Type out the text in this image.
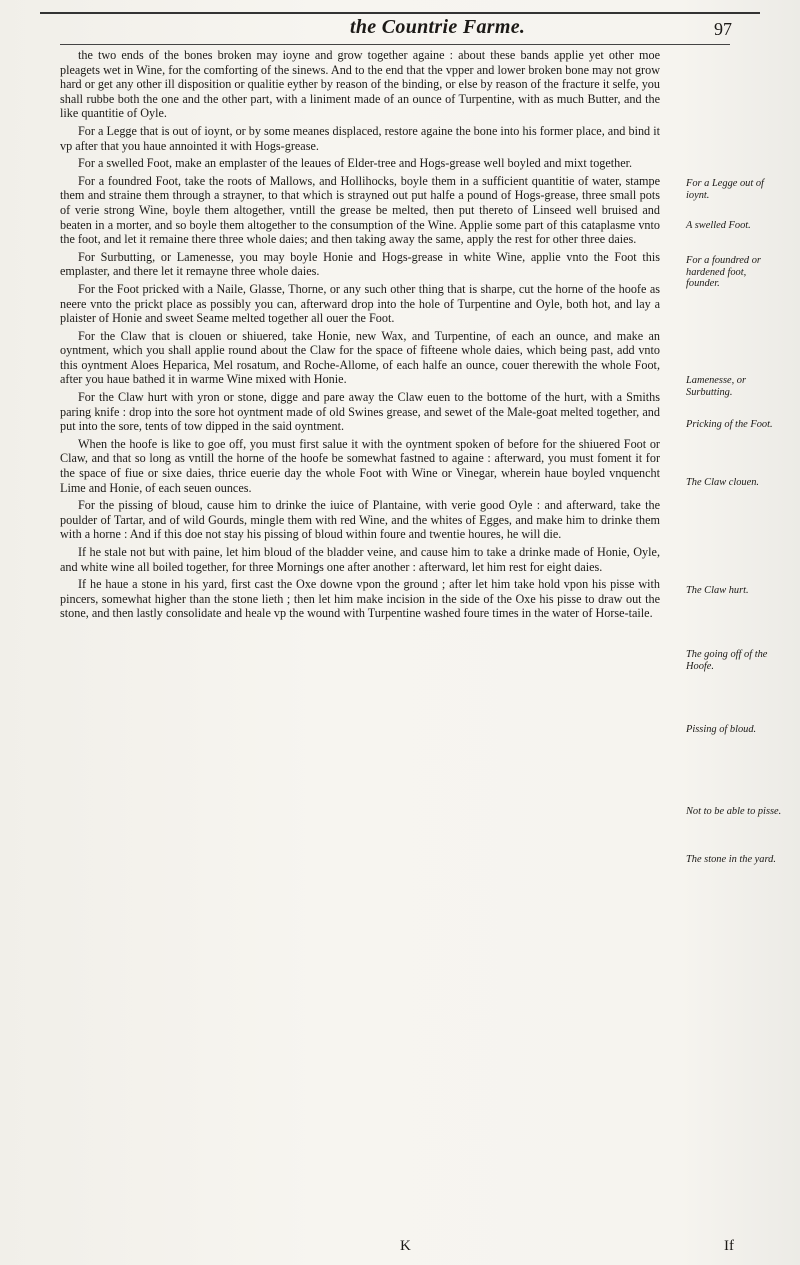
the Countrie Farme.	97

the two ends of the bones broken may ioyne and grow together againe : about these bands applie yet other moe pleagets wet in Wine, for the comforting of the sinews. And to the end that the vpper and lower broken bone may not grow hard or get any other ill disposition or qualitie eyther by reason of the binding, or else by reason of the fracture it selfe, you shall rubbe both the one and the other part, with a liniment made of an ounce of Turpentine, with as much Butter, and the like quantitie of Oyle.

For a Legge that is out of ioynt, or by some meanes displaced, restore againe the bone into his former place, and bind it vp after that you haue annointed it with Hogs-grease.

For a swelled Foot, make an emplaster of the leaues of Elder-tree and Hogs-grease well boyled and mixt together.

For a foundred Foot, take the roots of Mallows, and Hollihocks, boyle them in a sufficient quantitie of water, stampe them and straine them through a strayner, to that which is strayned out put halfe a pound of Hogs-grease, three small pots of verie strong Wine, boyle them altogether, vntill the grease be melted, then put thereto of Linseed well bruised and beaten in a morter, and so boyle them altogether to the consumption of the Wine. Applie some part of this cataplasme vnto the foot, and let it remaine there three whole daies; and then taking away the same, apply the rest for other three daies.

For Surbutting, or Lamenesse, you may boyle Honie and Hogs-grease in white Wine, applie vnto the Foot this emplaster, and there let it remayne three whole daies.

For the Foot pricked with a Naile, Glasse, Thorne, or any such other thing that is sharpe, cut the horne of the hoofe as neere vnto the prickt place as possibly you can, afterward drop into the hole of Turpentine and Oyle, both hot, and lay a plaister of Honie and sweet Seame melted together all ouer the Foot.

For the Claw that is clouen or shiuered, take Honie, new Wax, and Turpentine, of each an ounce, and make an oyntment, which you shall applie round about the Claw for the space of fifteene whole daies, which being past, add vnto this oyntment Aloes Heparica, Mel rosatum, and Roche-Allome, of each halfe an ounce, couer therewith the whole Foot, after you haue bathed it in warme Wine mixed with Honie.

For the Claw hurt with yron or stone, digge and pare away the Claw euen to the bottome of the hurt, with a Smiths paring knife : drop into the sore hot oyntment made of old Swines grease, and sewet of the Male-goat melted together, and put into the sore, tents of tow dipped in the said oyntment.

When the hoofe is like to goe off, you must first salue it with the oyntment spoken of before for the shiuered Foot or Claw, and that so long as vntill the horne of the hoofe be somewhat fastned to againe : afterward, you must foment it for the space of fiue or sixe daies, thrice euerie day the whole Foot with Wine or Vinegar, wherein haue boyled vnquencht Lime and Honie, of each seuen ounces.

For the pissing of bloud, cause him to drinke the iuice of Plantaine, with verie good Oyle : and afterward, take the poulder of Tartar, and of wild Gourds, mingle them with red Wine, and the whites of Egges, and make him to drinke them with a horne : And if this doe not stay his pissing of bloud within foure and twentie houres, he will die.

If he stale not but with paine, let him bloud of the bladder veine, and cause him to take a drinke made of Honie, Oyle, and white wine all boiled together, for three Mornings one after another : afterward, let him rest for eight daies.

If he haue a stone in his yard, first cast the Oxe downe vpon the ground ; after let him take hold vpon his pisse with pincers, somewhat higher than the stone lieth ; then let him make incision in the side of the Oxe his pisse to draw out the stone, and then lastly consolidate and heale vp the wound with Turpentine washed foure times in the water of Horse-taile.

For a Legge out of ioynt.
A swelled Foot.
For a foundred or hardened foot, founder.
Lamenesse, or Surbutting.
Pricking of the Foot.
The Claw clouen.
The Claw hurt.
The going off of the Hoofe.
Pissing of bloud.
Not to be able to pisse.
The stone in the yard.
K	If
